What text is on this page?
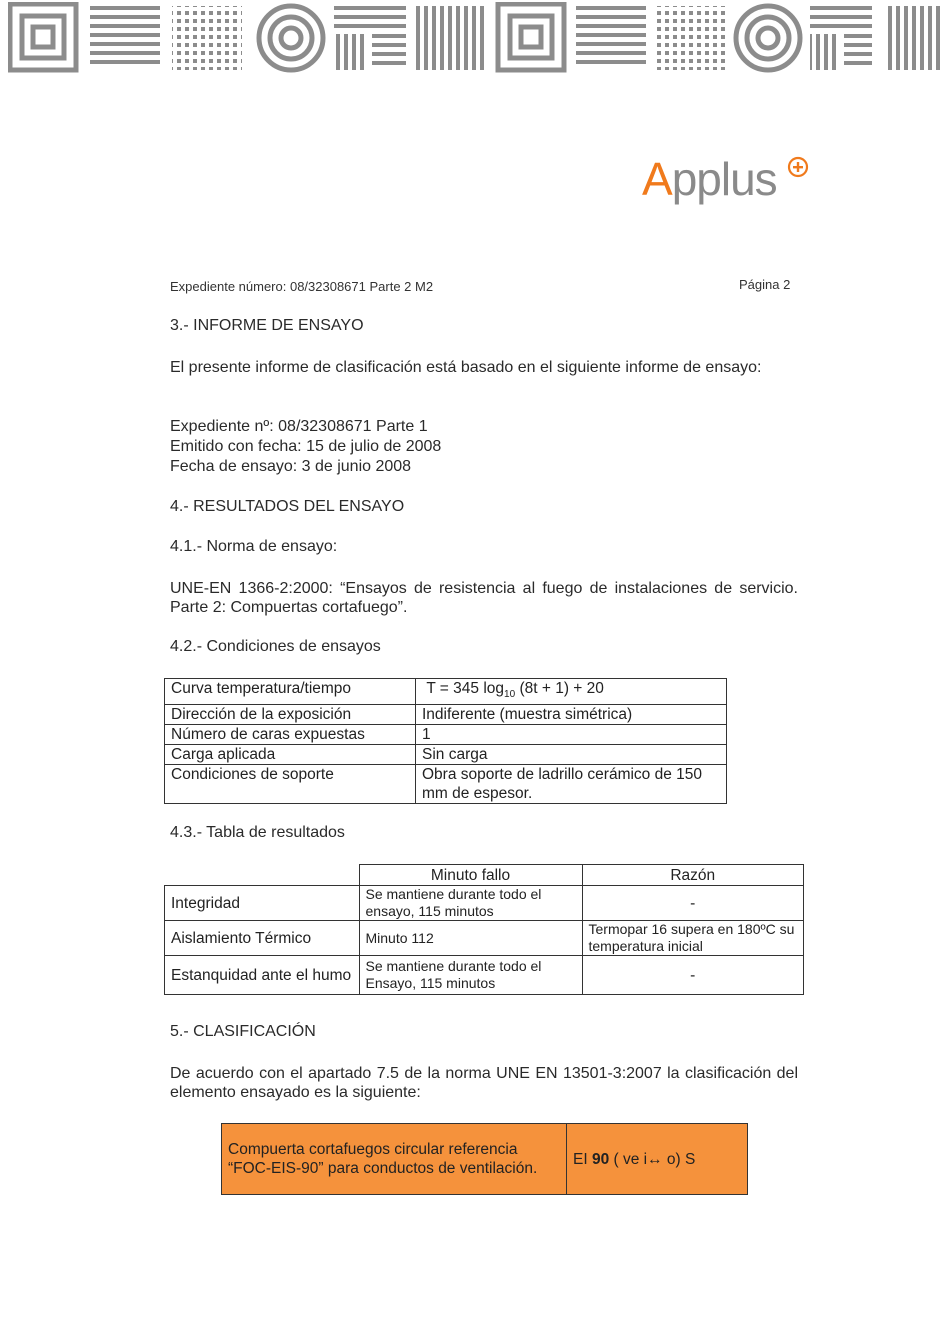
Applus
Expediente número: 08/32308671 Parte 2 M2	Página 2
3.- INFORME DE ENSAYO
El presente informe de clasificación está basado en el siguiente informe de ensayo:
Expediente nº: 08/32308671 Parte 1
Emitido con fecha: 15 de julio de 2008
Fecha de ensayo: 3 de junio 2008
4.- RESULTADOS DEL ENSAYO
4.1.- Norma de ensayo:
UNE-EN 1366-2:2000: “Ensayos de resistencia al fuego de instalaciones de servicio. Parte 2: Compuertas cortafuego”.
4.2.- Condiciones de ensayos
Curva temperatura/tiempo	T = 345 $\log_{10} (8t + 1) + 20$
Dirección de la exposición	Indiferente (muestra simétrica)
Número de caras expuestas	1
Carga aplicada	Sin carga
Condiciones de soporte	Obra soporte de ladrillo cerámico de 150 mm de espesor.
4.3.- Tabla de resultados
	Minuto fallo	Razón
Integridad	Se mantiene durante todo el ensayo, 115 minutos	-
Aislamiento Térmico	Minuto 112	Termopar 16 supera en 180ºC su temperatura inicial
Estanquidad ante el humo	Se mantiene durante todo el Ensayo, 115 minutos	-
5.- CLASIFICACIÓN
De acuerdo con el apartado 7.5 de la norma UNE EN 13501-3:2007 la clasificación del elemento ensayado es la siguiente:
Compuerta cortafuegos circular referencia “FOC-EIS-90” para conductos de ventilación.	EI 90 ( ve i↔ o) S
